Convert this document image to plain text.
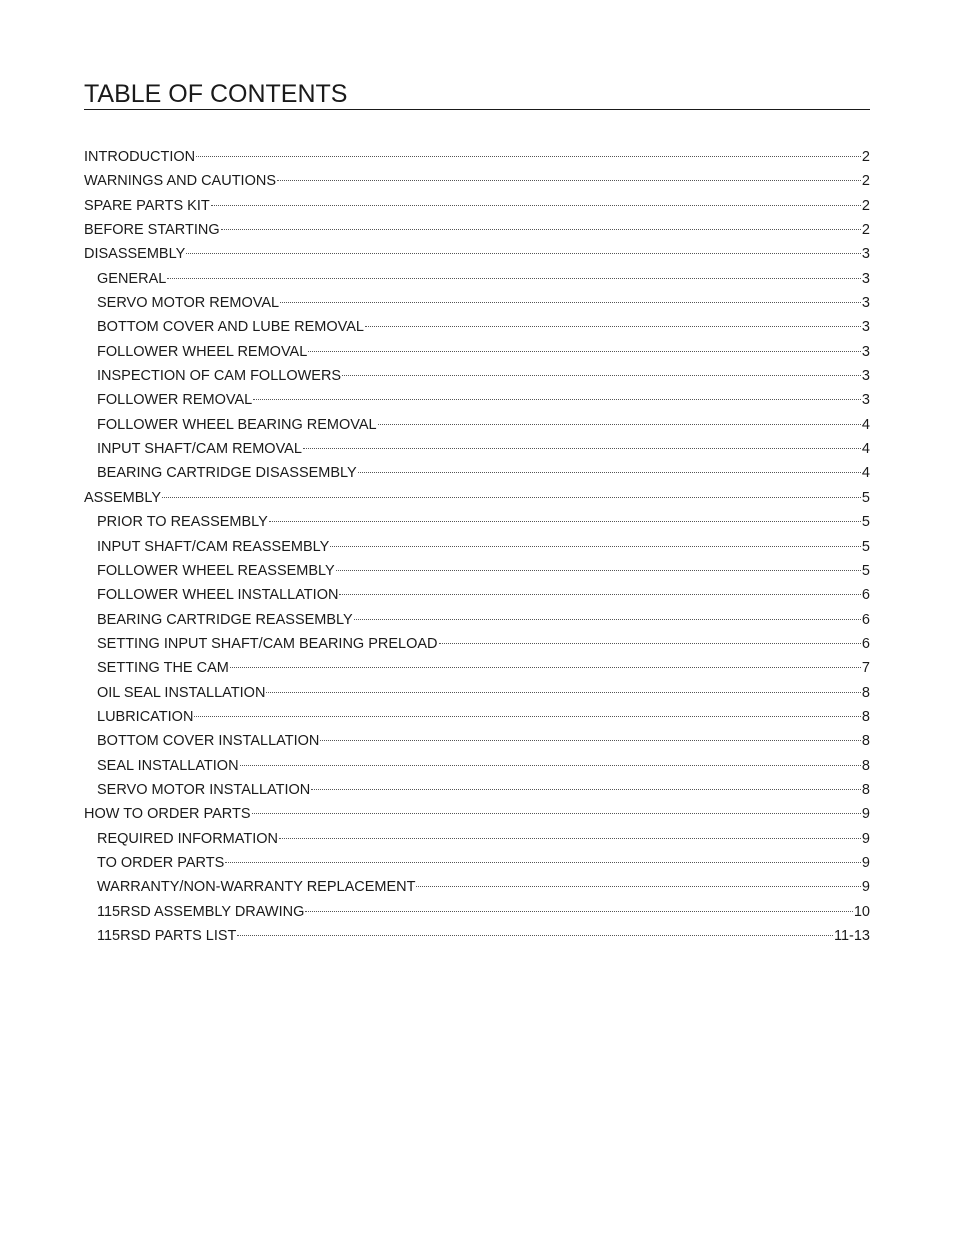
TABLE OF CONTENTS
INTRODUCTION	2
WARNINGS AND CAUTIONS	2
SPARE PARTS KIT	2
BEFORE STARTING	2
DISASSEMBLY	3
GENERAL	3
SERVO MOTOR REMOVAL	3
BOTTOM COVER AND LUBE REMOVAL	3
FOLLOWER WHEEL REMOVAL	3
INSPECTION OF CAM FOLLOWERS	3
FOLLOWER REMOVAL	3
FOLLOWER WHEEL BEARING REMOVAL	4
INPUT SHAFT/CAM REMOVAL	4
BEARING CARTRIDGE DISASSEMBLY	4
ASSEMBLY	5
PRIOR TO REASSEMBLY	5
INPUT SHAFT/CAM REASSEMBLY	5
FOLLOWER WHEEL REASSEMBLY	5
FOLLOWER WHEEL INSTALLATION	6
BEARING CARTRIDGE REASSEMBLY	6
SETTING INPUT SHAFT/CAM BEARING PRELOAD	6
SETTING THE CAM	7
OIL SEAL INSTALLATION	8
LUBRICATION	8
BOTTOM COVER INSTALLATION	8
SEAL INSTALLATION	8
SERVO MOTOR INSTALLATION	8
HOW TO ORDER PARTS	9
REQUIRED INFORMATION	9
TO ORDER PARTS	9
WARRANTY/NON-WARRANTY REPLACEMENT	9
115RSD ASSEMBLY DRAWING	10
115RSD PARTS LIST	11-13
